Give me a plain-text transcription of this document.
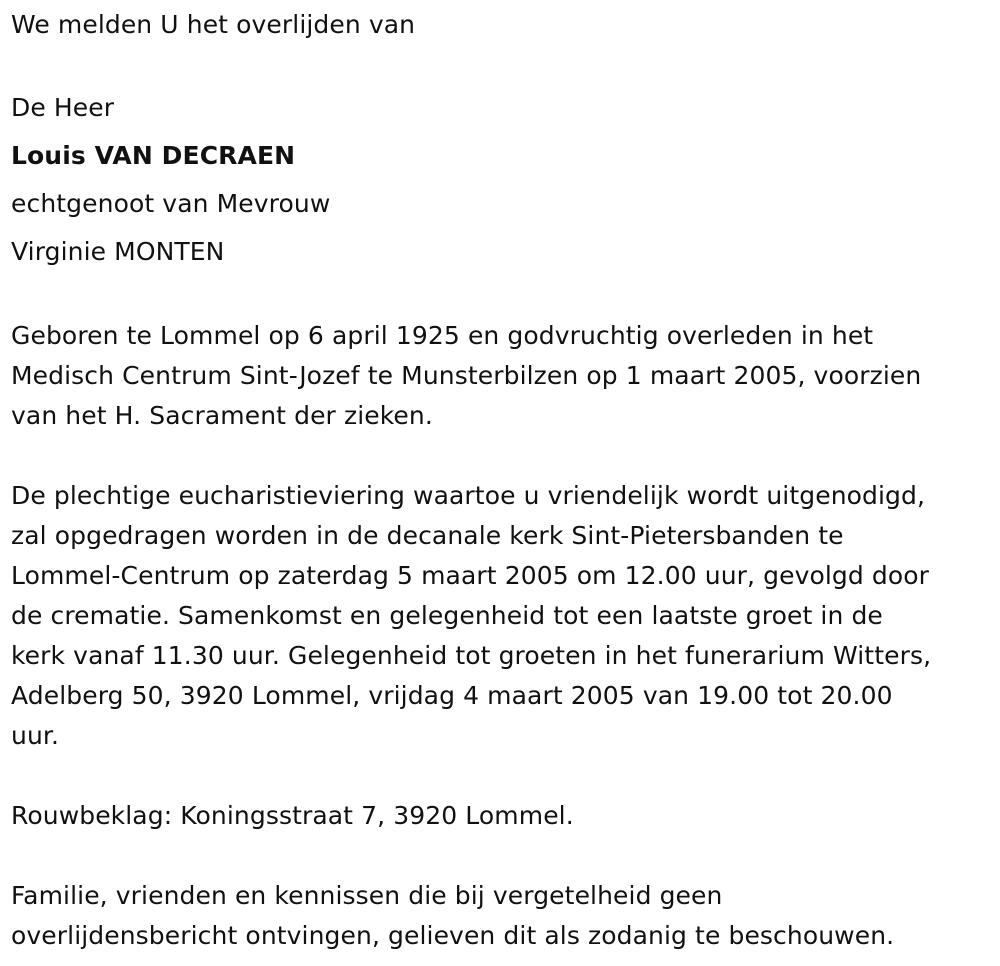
We melden U het overlijden van

De Heer

Louis VAN DECRAEN

echtgenoot van Mevrouw

Virginie MONTEN

Geboren te Lommel op 6 april 1925 en godvruchtig overleden in het

Medisch Centrum Sint-Jozef te Munsterbilzen op 1 maart 2005, voorzien

van het H. Sacrament der zieken.

De plechtige eucharistieviering waartoe u vriendelijk wordt uitgenodigd,

zal opgedragen worden in de decanale kerk Sint-Pietersbanden te

Lommel-Centrum op zaterdag 5 maart 2005 om 12.00 uur, gevolgd door

de crematie. Samenkomst en gelegenheid tot een laatste groet in de

kerk vanaf 11.30 uur. Gelegenheid tot groeten in het funerarium Witters,

Adelberg 50, 3920 Lommel, vrijdag 4 maart 2005 van 19.00 tot 20.00

uur.

Rouwbeklag: Koningsstraat 7, 3920 Lommel.

Familie, vrienden en kennissen die bij vergetelheid geen

overlijdensbericht ontvingen, gelieven dit als zodanig te beschouwen.
